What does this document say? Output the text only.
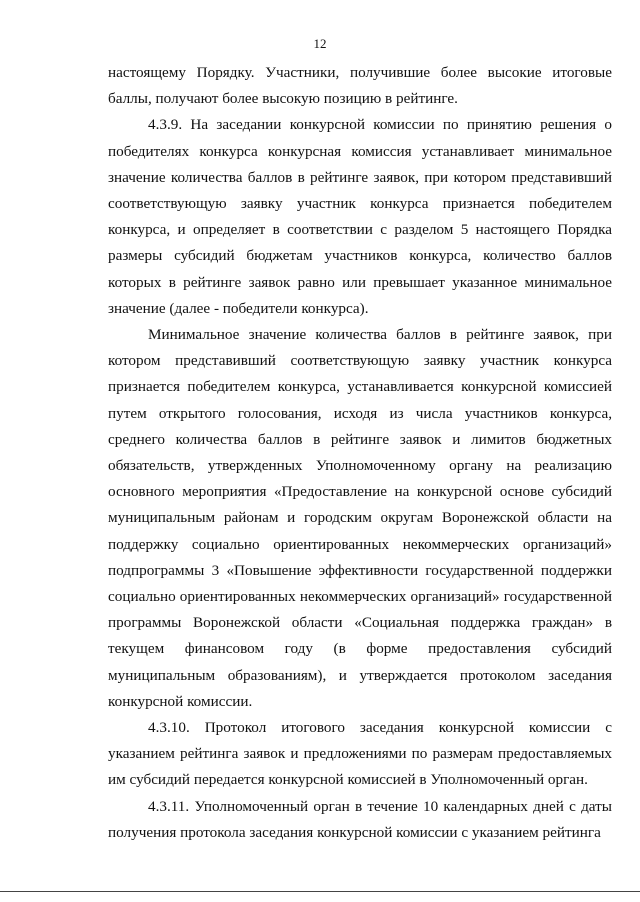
12

настоящему Порядку. Участники, получившие более высокие итоговые баллы, получают более высокую позицию в рейтинге.

4.3.9. На заседании конкурсной комиссии по принятию решения о победителях конкурса конкурсная комиссия устанавливает минимальное значение количества баллов в рейтинге заявок, при котором представивший соответствующую заявку участник конкурса признается победителем конкурса, и определяет в соответствии с разделом 5 настоящего Порядка размеры субсидий бюджетам участников конкурса, количество баллов которых в рейтинге заявок равно или превышает указанное минимальное значение (далее - победители конкурса).

Минимальное значение количества баллов в рейтинге заявок, при котором представивший соответствующую заявку участник конкурса признается победителем конкурса, устанавливается конкурсной комиссией путем открытого голосования, исходя из числа участников конкурса, среднего количества баллов в рейтинге заявок и лимитов бюджетных обязательств, утвержденных Уполномоченному органу на реализацию основного мероприятия «Предоставление на конкурсной основе субсидий муниципальным районам и городским округам Воронежской области на поддержку социально ориентированных некоммерческих организаций» подпрограммы 3 «Повышение эффективности государственной поддержки социально ориентированных некоммерческих организаций» государственной программы Воронежской области «Социальная поддержка граждан» в текущем финансовом году (в форме предоставления субсидий муниципальным образованиям), и утверждается протоколом заседания конкурсной комиссии.

4.3.10. Протокол итогового заседания конкурсной комиссии с указанием рейтинга заявок и предложениями по размерам предоставляемых им субсидий передается конкурсной комиссией в Уполномоченный орган.

4.3.11. Уполномоченный орган в течение 10 календарных дней с даты получения протокола заседания конкурсной комиссии с указанием рейтинга
